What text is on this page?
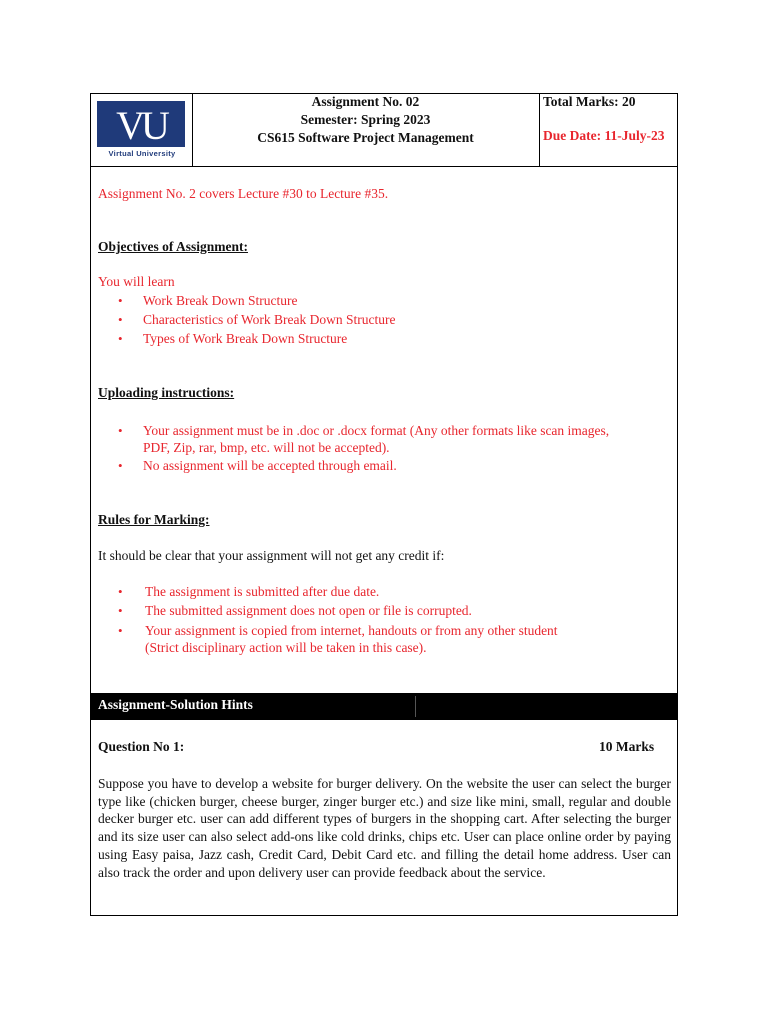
VU
Virtual University
Assignment No. 02
Semester: Spring 2023
CS615 Software Project Management
Total Marks: 20
Due Date: 11-July-23
Assignment No. 2 covers Lecture #30 to Lecture #35.
Objectives of Assignment:
You will learn
• Work Break Down Structure
• Characteristics of Work Break Down Structure
• Types of Work Break Down Structure
Uploading instructions:
• Your assignment must be in .doc or .docx format (Any other formats like scan images,
PDF, Zip, rar, bmp, etc. will not be accepted).
• No assignment will be accepted through email.
Rules for Marking:
It should be clear that your assignment will not get any credit if:
• The assignment is submitted after due date.
• The submitted assignment does not open or file is corrupted.
• Your assignment is copied from internet, handouts or from any other student
(Strict disciplinary action will be taken in this case).
Assignment-Solution Hints
Question No 1:	10 Marks
Suppose you have to develop a website for burger delivery. On the website the user can select the burger type like (chicken burger, cheese burger, zinger burger etc.) and size like mini, small, regular and double decker burger etc. user can add different types of burgers in the shopping cart. After selecting the burger and its size user can also select add-ons like cold drinks, chips etc. User can place online order by paying using Easy paisa, Jazz cash, Credit Card, Debit Card etc. and filling the detail home address. User can also track the order and upon delivery user can provide feedback about the service.
